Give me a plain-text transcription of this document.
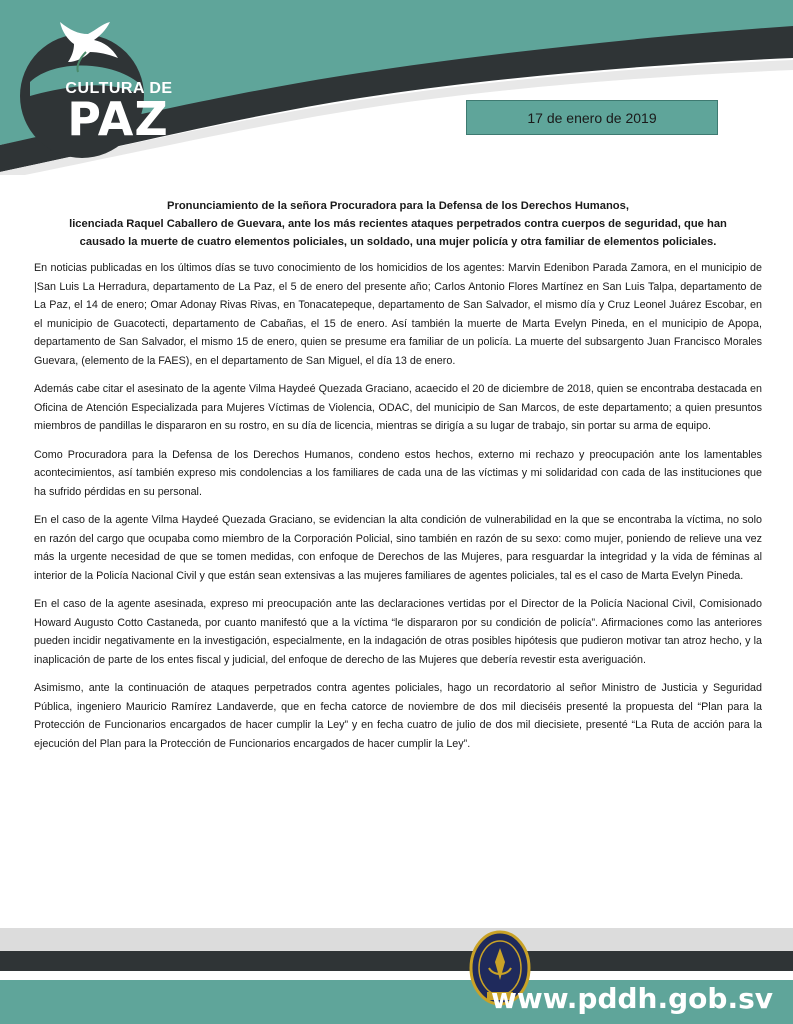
CULTURA DE
PAZ	17 de enero de 2019
Pronunciamiento de la señora Procuradora para la Defensa de los Derechos Humanos,
licenciada Raquel Caballero de Guevara, ante los más recientes ataques perpetrados contra cuerpos de seguridad, que han
causado la muerte de cuatro elementos policiales, un soldado, una mujer policía y otra familiar de elementos policiales.

En noticias publicadas en los últimos días se tuvo conocimiento de los homicidios de los agentes: Marvin Edenibon Parada Zamora, en el municipio de |San Luis La Herradura, departamento de La Paz, el 5 de enero del presente año; Carlos Antonio Flores Martínez en San Luis Talpa, departamento de La Paz, el 14 de enero; Omar Adonay Rivas Rivas, en Tonacatepeque, departamento de San Salvador, el mismo día y Cruz Leonel Juárez Escobar, en el municipio de Guacotecti, departamento de Cabañas, el 15 de enero. Así también la muerte de Marta Evelyn Pineda, en el municipio de Apopa, departamento de San Salvador, el mismo 15 de enero, quien se presume era familiar de un policía. La muerte del subsargento Juan Francisco Morales Guevara, (elemento de la FAES), en el departamento de San Miguel, el día 13 de enero.

Además cabe citar el asesinato de la agente Vilma Haydeé Quezada Graciano, acaecido el 20 de diciembre de 2018, quien se encontraba destacada en Oficina de Atención Especializada para Mujeres Víctimas de Violencia, ODAC, del municipio de San Marcos, de este departamento; a quien presuntos miembros de pandillas le dispararon en su rostro, en su día de licencia, mientras se dirigía a su lugar de trabajo, sin portar su arma de equipo.

Como Procuradora para la Defensa de los Derechos Humanos, condeno estos hechos, externo mi rechazo y preocupación ante los lamentables acontecimientos, así también expreso mis condolencias a los familiares de cada una de las víctimas y mi solidaridad con cada de las instituciones que ha sufrido pérdidas en su personal.

En el caso de la agente Vilma Haydeé Quezada Graciano, se evidencian la alta condición de vulnerabilidad en la que se encontraba la víctima, no solo en razón del cargo que ocupaba como miembro de la Corporación Policial, sino también en razón de su sexo: como mujer, poniendo de relieve una vez más la urgente necesidad de que se tomen medidas, con enfoque de Derechos de las Mujeres, para resguardar la integridad y la vida de féminas al interior de la Policía Nacional Civil y que están sean extensivas a las mujeres familiares de agentes policiales, tal es el caso de Marta Evelyn Pineda.

En el caso de la agente asesinada, expreso mi preocupación ante las declaraciones vertidas por el Director de la Policía Nacional Civil, Comisionado Howard Augusto Cotto Castaneda, por cuanto manifestó que a la víctima “le dispararon por su condición de policía”. Afirmaciones como las anteriores pueden incidir negativamente en la investigación, especialmente, en la indagación de otras posibles hipótesis que pudieron motivar tan atroz hecho, y la inaplicación de parte de los entes fiscal y judicial, del enfoque de derecho de las Mujeres que debería revestir esta averiguación.

Asimismo, ante la continuación de ataques perpetrados contra agentes policiales, hago un recordatorio al señor Ministro de Justicia y Seguridad Pública, ingeniero Mauricio Ramírez Landaverde, que en fecha catorce de noviembre de dos mil dieciséis presenté la propuesta del “Plan para la Protección de Funcionarios encargados de hacer cumplir la Ley” y en fecha cuatro de julio de dos mil diecisiete, presenté “La Ruta de acción para la ejecución del Plan para la Protección de Funcionarios encargados de hacer cumplir la Ley”.

www.pddh.gob.sv
